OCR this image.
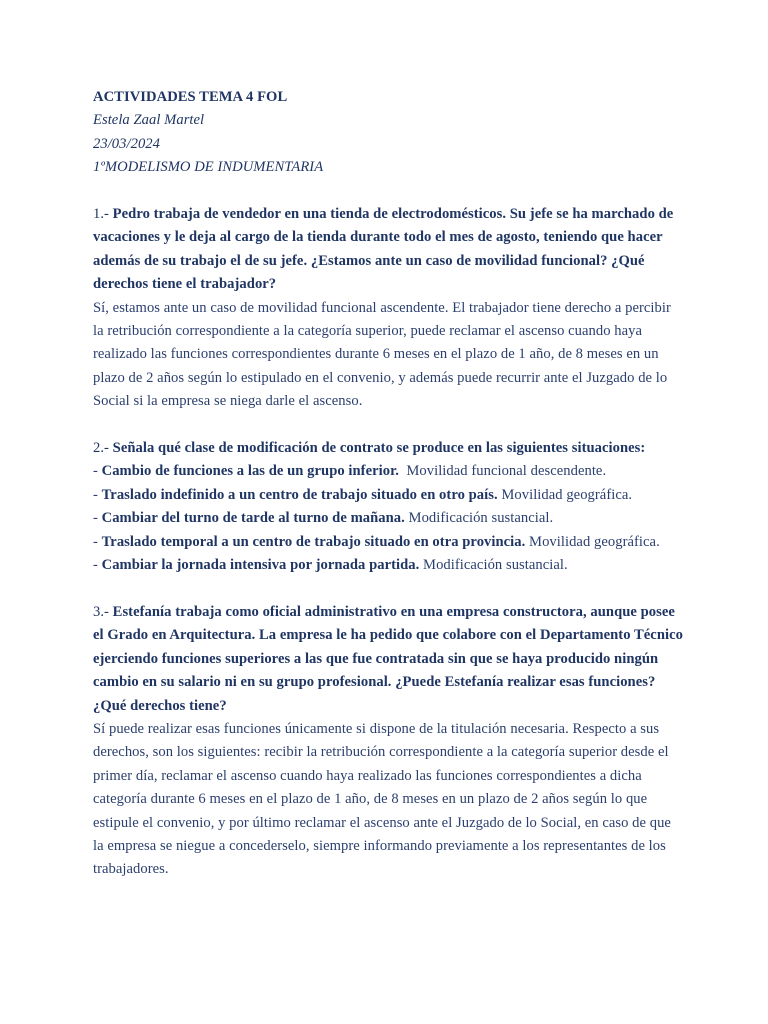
ACTIVIDADES TEMA 4 FOL
Estela Zaal Martel
23/03/2024
1ºMODELISMO DE INDUMENTARIA
1.- Pedro trabaja de vendedor en una tienda de electrodomésticos. Su jefe se ha marchado de vacaciones y le deja al cargo de la tienda durante todo el mes de agosto, teniendo que hacer además de su trabajo el de su jefe. ¿Estamos ante un caso de movilidad funcional? ¿Qué derechos tiene el trabajador?
Sí, estamos ante un caso de movilidad funcional ascendente. El trabajador tiene derecho a percibir la retribución correspondiente a la categoría superior, puede reclamar el ascenso cuando haya realizado las funciones correspondientes durante 6 meses en el plazo de 1 año, de 8 meses en un plazo de 2 años según lo estipulado en el convenio, y además puede recurrir ante el Juzgado de lo Social si la empresa se niega darle el ascenso.
2.- Señala qué clase de modificación de contrato se produce en las siguientes situaciones:
- Cambio de funciones a las de un grupo inferior.  Movilidad funcional descendente.
- Traslado indefinido a un centro de trabajo situado en otro país. Movilidad geográfica.
- Cambiar del turno de tarde al turno de mañana. Modificación sustancial.
- Traslado temporal a un centro de trabajo situado en otra provincia. Movilidad geográfica.
- Cambiar la jornada intensiva por jornada partida. Modificación sustancial.
3.- Estefanía trabaja como oficial administrativo en una empresa constructora, aunque posee el Grado en Arquitectura. La empresa le ha pedido que colabore con el Departamento Técnico ejerciendo funciones superiores a las que fue contratada sin que se haya producido ningún cambio en su salario ni en su grupo profesional. ¿Puede Estefanía realizar esas funciones? ¿Qué derechos tiene?
Sí puede realizar esas funciones únicamente si dispone de la titulación necesaria. Respecto a sus derechos, son los siguientes: recibir la retribución correspondiente a la categoría superior desde el primer día, reclamar el ascenso cuando haya realizado las funciones correspondientes a dicha categoría durante 6 meses en el plazo de 1 año, de 8 meses en un plazo de 2 años según lo que estipule el convenio, y por último reclamar el ascenso ante el Juzgado de lo Social, en caso de que la empresa se niegue a concederselo, siempre informando previamente a los representantes de los trabajadores.
